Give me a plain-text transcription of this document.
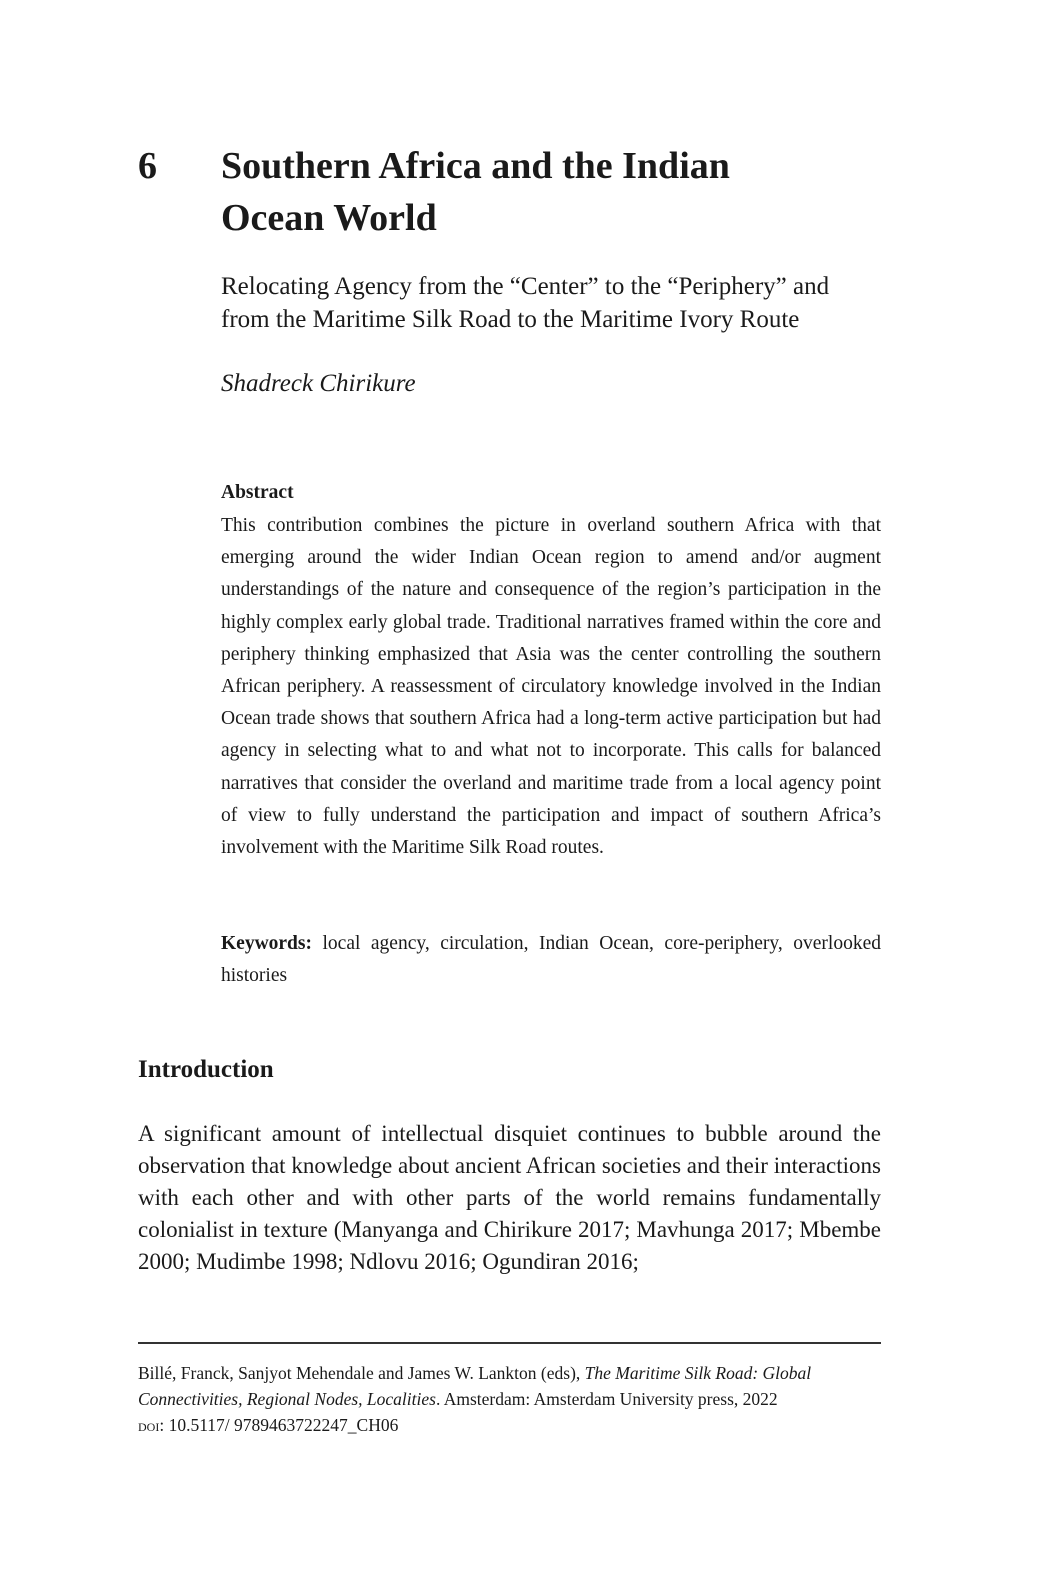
6 Southern Africa and the Indian
Ocean World

Relocating Agency from the “Center” to the “Periphery” and
from the Maritime Silk Road to the Maritime Ivory Route

Shadreck Chirikure
Abstract

This contribution combines the picture in overland southern Africa with that emerging around the wider Indian Ocean region to amend and/or augment understandings of the nature and consequence of the region’s participation in the highly complex early global trade. Traditional narratives framed within the core and periphery thinking emphasized that Asia was the center controlling the southern African periphery. A reassessment of circulatory knowledge involved in the Indian Ocean trade shows that southern Africa had a long-term active participation but had agency in selecting what to and what not to incorporate. This calls for balanced narratives that consider the overland and maritime trade from a local agency point of view to fully understand the participation and impact of southern Africa’s involvement with the Maritime Silk Road routes.

Keywords: local agency, circulation, Indian Ocean, core-periphery, overlooked histories

Introduction

A significant amount of intellectual disquiet continues to bubble around the observation that knowledge about ancient African societies and their interactions with each other and with other parts of the world remains fundamentally colonialist in texture (Manyanga and Chirikure 2017; Mavhunga 2017; Mbembe 2000; Mudimbe 1998; Ndlovu 2016; Ogundiran 2016;

Billé, Franck, Sanjyot Mehendale and James W. Lankton (eds), The Maritime Silk Road: Global Connectivities, Regional Nodes, Localities. Amsterdam: Amsterdam University press, 2022
doi: 10.5117/ 9789463722247_CH06
